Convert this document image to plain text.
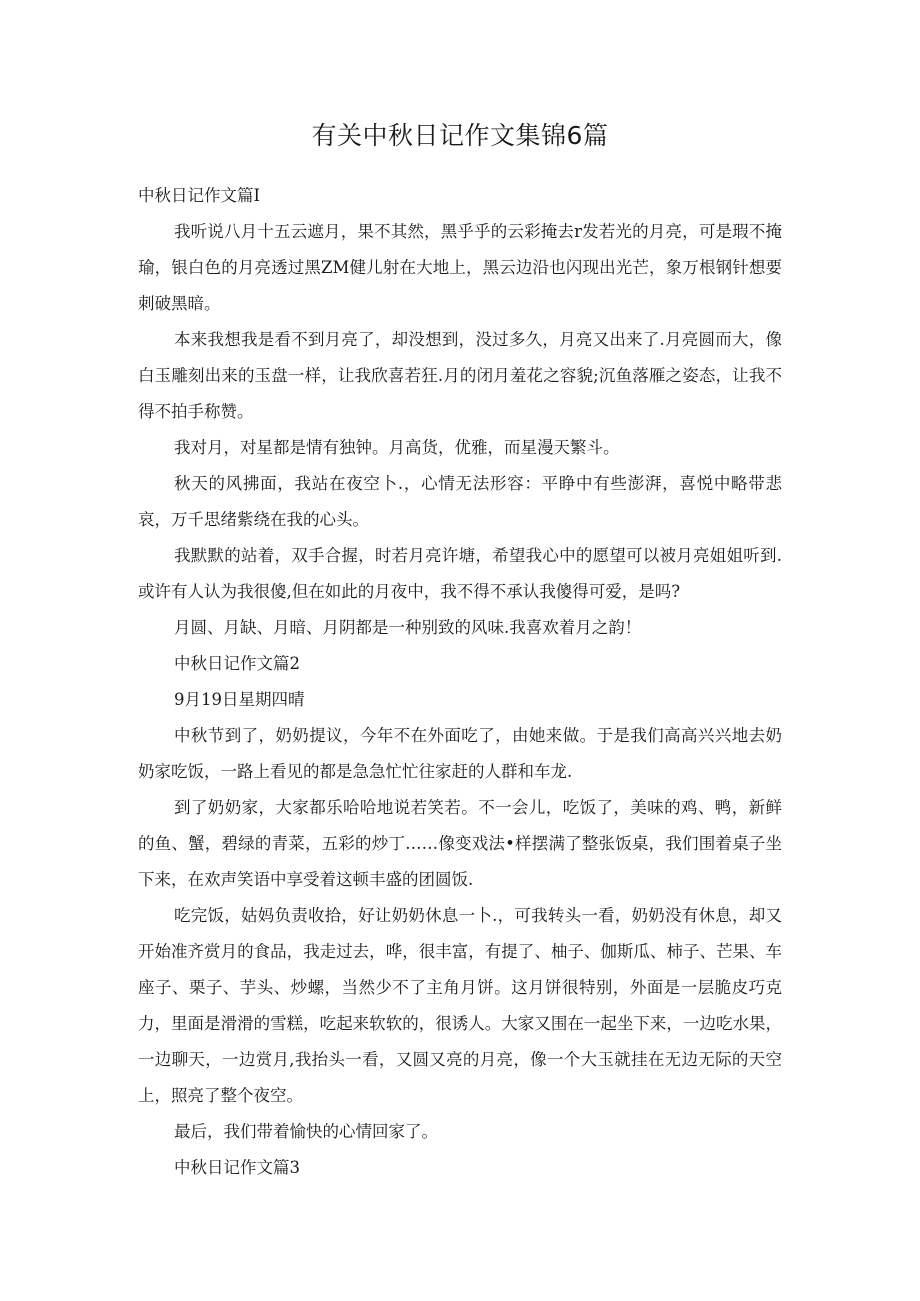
有关中秋日记作文集锦6篇

中秋日记作文篇I

我听说八月十五云遮月，果不其然，黑乎乎的云彩掩去r发若光的月亮，可是瑕不掩瑜，银白色的月亮透过黑ZM健儿射在大地上，黑云边沿也闪现出光芒，象万根钢针想要刺破黑暗。

本来我想我是看不到月亮了，却没想到，没过多久，月亮又出来了.月亮圆而大，像白玉雕刻出来的玉盘一样，让我欣喜若狂.月的闭月羞花之容貌;沉鱼落雁之姿态，让我不得不拍手称赞。

我对月，对星都是情有独钟。月高货，优雅，而星漫天繁斗。

秋天的风拂面，我站在夜空卜.，心情无法形容：平睁中有些澎湃，喜悦中略带悲哀，万千思绪紫绕在我的心头。

我默默的站着，双手合握，时若月亮许塘，希望我心中的愿望可以被月亮姐姐听到.或许有人认为我很傻,但在如此的月夜中，我不得不承认我傻得可爱，是吗?

月圆、月缺、月暗、月阴都是一种别致的风味.我喜欢着月之韵！

中秋日记作文篇2

9月19日星期四晴

中秋节到了，奶奶提议，今年不在外面吃了，由她来做。于是我们高高兴兴地去奶奶家吃饭，一路上看见的都是急急忙忙往家赶的人群和车龙.

到了奶奶家，大家都乐哈哈地说若笑若。不一会儿，吃饭了，美味的鸡、鸭，新鲜的鱼、蟹，碧绿的青菜，五彩的炒丁……像变戏法•样摆满了整张饭桌，我们围着桌子坐下来，在欢声笑语中享受着这顿丰盛的团圆饭.

吃完饭，姑妈负责收拾，好让奶奶休息一卜.，可我转头一看，奶奶没有休息，却又开始准齐赏月的食品，我走过去，哗，很丰富，有提了、柚子、伽斯瓜、柿子、芒果、车座子、栗子、芋头、炒螺，当然少不了主角月饼。这月饼很特别，外面是一层脆皮巧克力，里面是滑滑的雪糕，吃起来软软的，很诱人。大家又围在一起坐下来，一边吃水果，一边聊天，一边赏月,我抬头一看，又圆又亮的月亮，像一个大玉就挂在无边无际的天空上，照亮了整个夜空。

最后，我们带着愉快的心情回家了。

中秋日记作文篇3
